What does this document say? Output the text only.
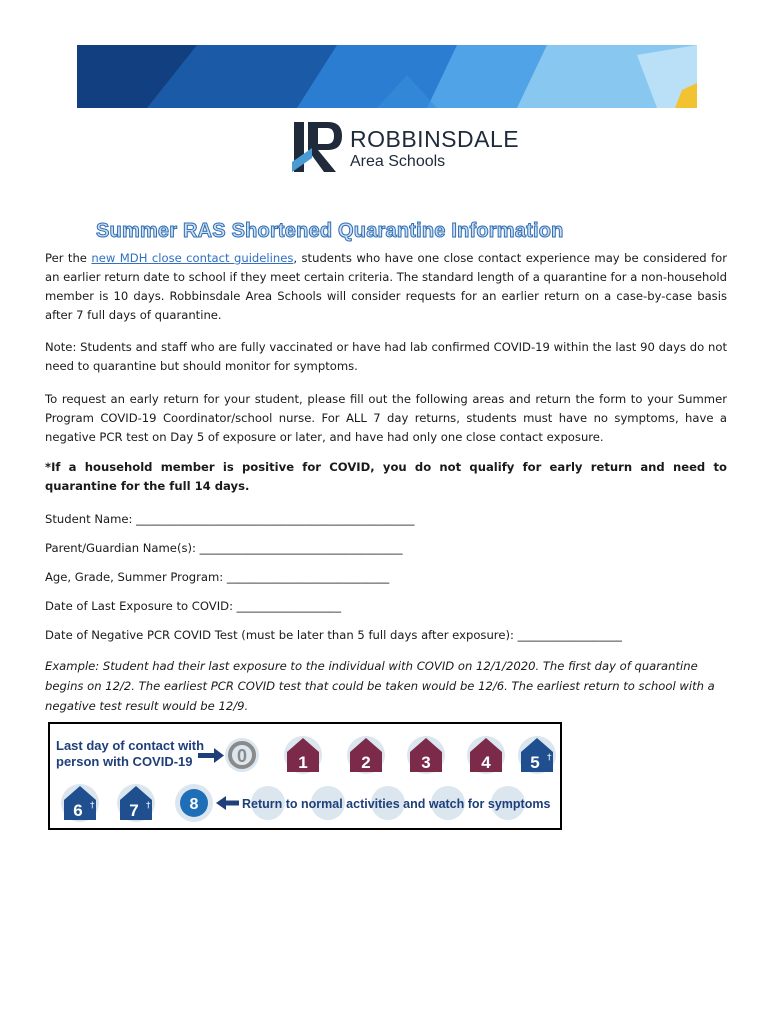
ROBBINSDALE
Area Schools
Summer RAS Shortened Quarantine Information

Per the new MDH close contact guidelines, students who have one close contact experience may be considered for an earlier return date to school if they meet certain criteria. The standard length of a quarantine for a non-household member is 10 days. Robbinsdale Area Schools will consider requests for an earlier return on a case-by-case basis after 7 full days of quarantine.

Note: Students and staff who are fully vaccinated or have had lab confirmed COVID-19 within the last 90 days do not need to quarantine but should monitor for symptoms.

To request an early return for your student, please fill out the following areas and return the form to your Summer Program COVID-19 Coordinator/school nurse. For ALL 7 day returns, students must have no symptoms, have a negative PCR test on Day 5 of exposure or later, and have had only one close contact exposure.

*If a household member is positive for COVID, you do not qualify for early return and need to quarantine for the full 14 days.

Student Name: ________________________________________________

Parent/Guardian Name(s): ___________________________________

Age, Grade, Summer Program: ____________________________

Date of Last Exposure to COVID: __________________

Date of Negative PCR COVID Test (must be later than 5 full days after exposure): __________________

Example: Student had their last exposure to the individual with COVID on 12/1/2020. The first day of quarantine begins on 12/2. The earliest PCR COVID test that could be taken would be 12/6. The earliest return to school with a negative test result would be 12/9.

Last day of contact with
person with COVID-19 0	1	2	3	4 5 †
6 † 7 † 8	Return to normal activities and watch for symptoms
